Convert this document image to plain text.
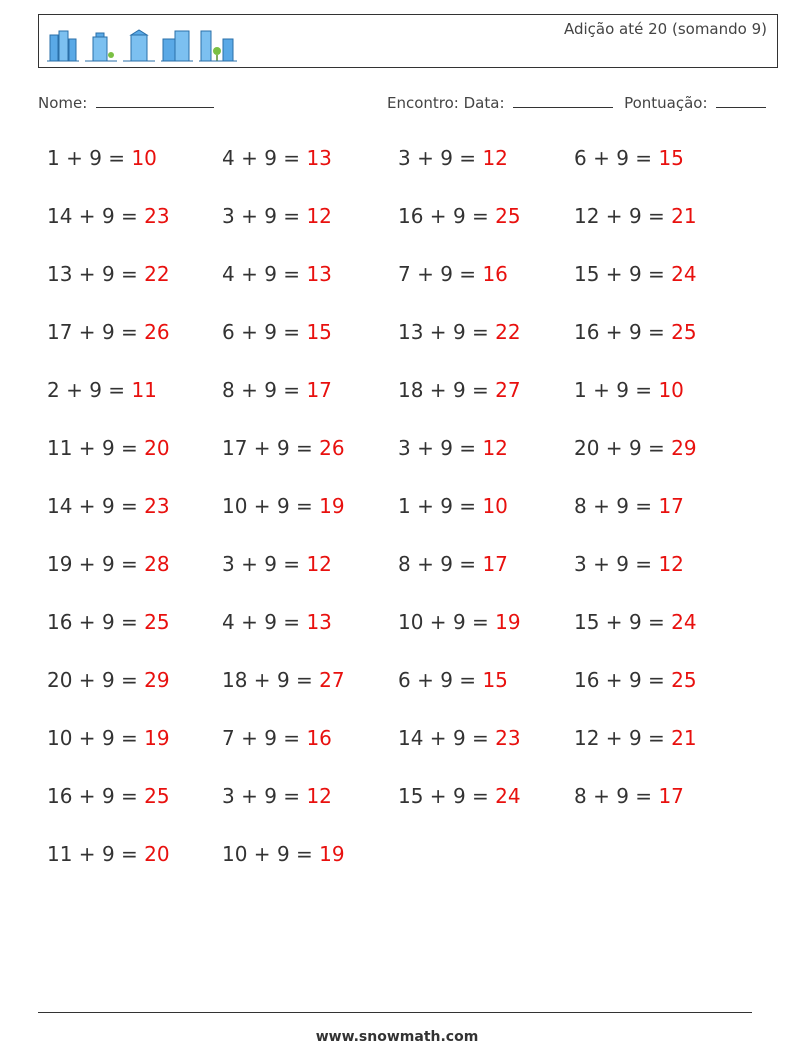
Adição até 20 (somando 9)
Nome:	Encontro: Data:	Pontuação:
1 + 9 = 10	4 + 9 = 13	3 + 9 = 12	6 + 9 = 15
14 + 9 = 23	3 + 9 = 12	16 + 9 = 25	12 + 9 = 21
13 + 9 = 22	4 + 9 = 13	7 + 9 = 16	15 + 9 = 24
17 + 9 = 26	6 + 9 = 15	13 + 9 = 22	16 + 9 = 25
2 + 9 = 11	8 + 9 = 17	18 + 9 = 27	1 + 9 = 10
11 + 9 = 20	17 + 9 = 26	3 + 9 = 12	20 + 9 = 29
14 + 9 = 23	10 + 9 = 19	1 + 9 = 10	8 + 9 = 17
19 + 9 = 28	3 + 9 = 12	8 + 9 = 17	3 + 9 = 12
16 + 9 = 25	4 + 9 = 13	10 + 9 = 19	15 + 9 = 24
20 + 9 = 29	18 + 9 = 27	6 + 9 = 15	16 + 9 = 25
10 + 9 = 19	7 + 9 = 16	14 + 9 = 23	12 + 9 = 21
16 + 9 = 25	3 + 9 = 12	15 + 9 = 24	8 + 9 = 17
11 + 9 = 20	10 + 9 = 19
www.snowmath.com
